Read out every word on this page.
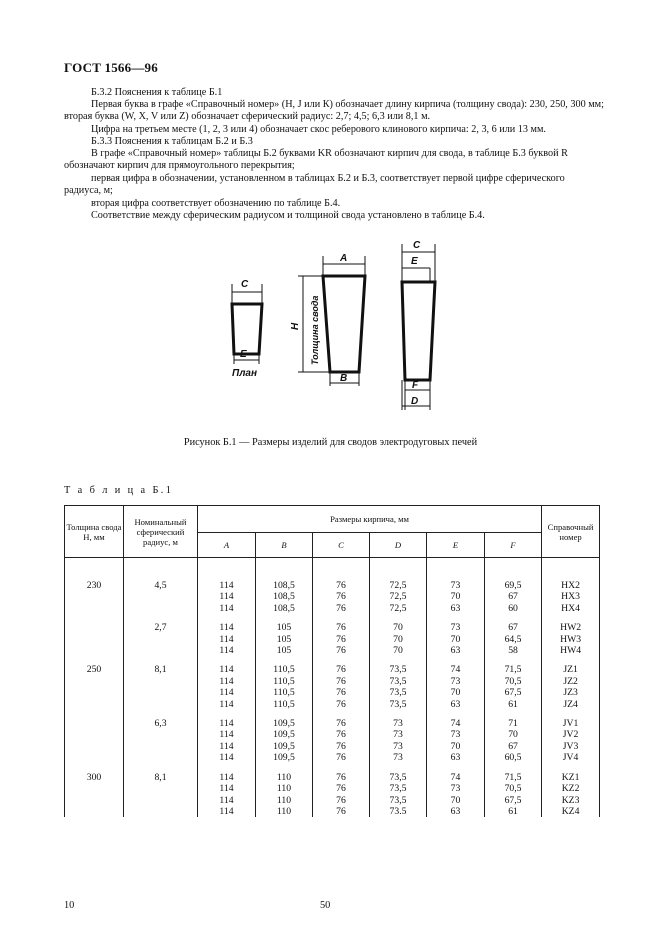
ГОСТ 1566—96
Б.3.2 Пояснения к таблице Б.1
Первая буква в графе «Справочный номер» (Н, J или К) обозначает длину кирпича (толщину свода): 230, 250, 300 мм; вторая буква (W, X, V или Z) обозначает сферический радиус: 2,7; 4,5; 6,3 или 8,1 м.
Цифра на третьем месте (1, 2, 3 или 4) обозначает скос реберового клинового кирпича: 2, 3, 6 или 13 мм.
Б.3.3 Пояснения к таблицам Б.2 и Б.3
В графе «Справочный номер» таблицы Б.2 буквами KR обозначают кирпич для свода, в таблице Б.3 буквой R обозначают кирпич для прямоугольного перекрытия;
первая цифра в обозначении, установленном в таблицах Б.2 и Б.3, соответствует первой цифре сферического радиуса, м;
вторая цифра соответствует обозначению по таблице Б.4.
Соответствие между сферическим радиусом и толщиной свода установлено в таблице Б.4.
C
E
План
A
B
H Толщина свода
C
E
F
D
Рисунок Б.1 — Размеры изделий для сводов электродуговых печей
Т а б л и ц а Б.1
Толщина свода H, мм	Номинальный сферический радиус, м	Размеры кирпича, мм						Справочный номер
		A	B	C	D	E	F	

230	4,5	114	108,5	76	72,5	73	69,5	HX2
		114	108,5	76	72,5	70	67	HX3
		114	108,5	76	72,5	63	60	HX4

	2,7	114	105	76	70	73	67	HW2
		114	105	76	70	70	64,5	HW3
		114	105	76	70	63	58	HW4

250	8,1	114	110,5	76	73,5	74	71,5	JZ1
		114	110,5	76	73,5	73	70,5	JZ2
		114	110,5	76	73,5	70	67,5	JZ3
		114	110,5	76	73,5	63	61	JZ4

	6,3	114	109,5	76	73	74	71	JV1
		114	109,5	76	73	73	70	JV2
		114	109,5	76	73	70	67	JV3
		114	109,5	76	73	63	60,5	JV4

300	8,1	114	110	76	73,5	74	71,5	KZ1
		114	110	76	73,5	73	70,5	KZ2
		114	110	76	73,5	70	67,5	KZ3
		114	110	76	73.5	63	61	KZ4
10	50
